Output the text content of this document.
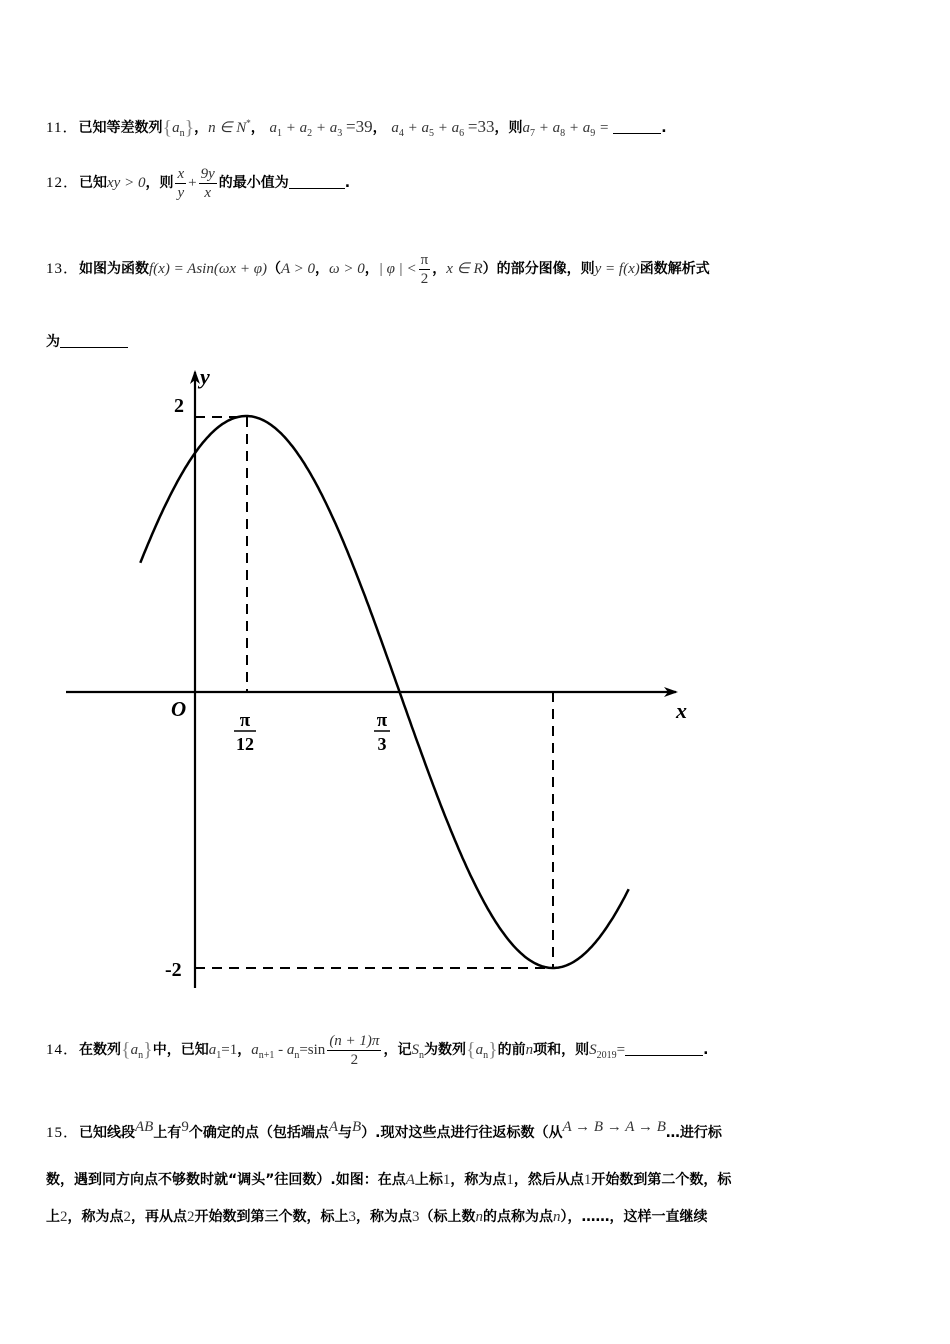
11．已知等差数列$\{a_n\}$，n ∈ N*， $a_1 + a_2 + a_3 =39$， $a_4 + a_5 + a_6 =33$，则$a_7 + a_8 + a_9$ =	.
12．已知xy > 0，则 $\frac{x}{y} + \frac{9y}{x}$ 的最小值为	.
13．如图为函数f(x) = Asin(ωx + φ)（A > 0，ω > 0，| φ | < $\frac{\pi}{2}$ ，x ∈ R）的部分图像，则y = f(x)函数解析式
为
y
x
O
2
-2
π
12
π
3
14．在数列$\{a_n\}$中，已知$a_1=1$，$a_{n+1} - a_n=\sin \frac{(n + 1)\pi}{2}$ ，记$S_n$为数列$\{a_n\}$的前n项和，则$S_{2019}=$	.
15．已知线段$^{AB}$上有$^9$个确定的点（包括端点$^A$与$^B$）.现对这些点进行往返标数（从$^{A \to B \to A \to B}$…进行标
数，遇到同方向点不够数时就“调头”往回数）.如图：在点A上标1，称为点1，然后从点1开始数到第二个数，标
上2，称为点2，再从点2开始数到第三个数，标上3，称为点3（标上数n的点称为点n），……，这样一直继续
